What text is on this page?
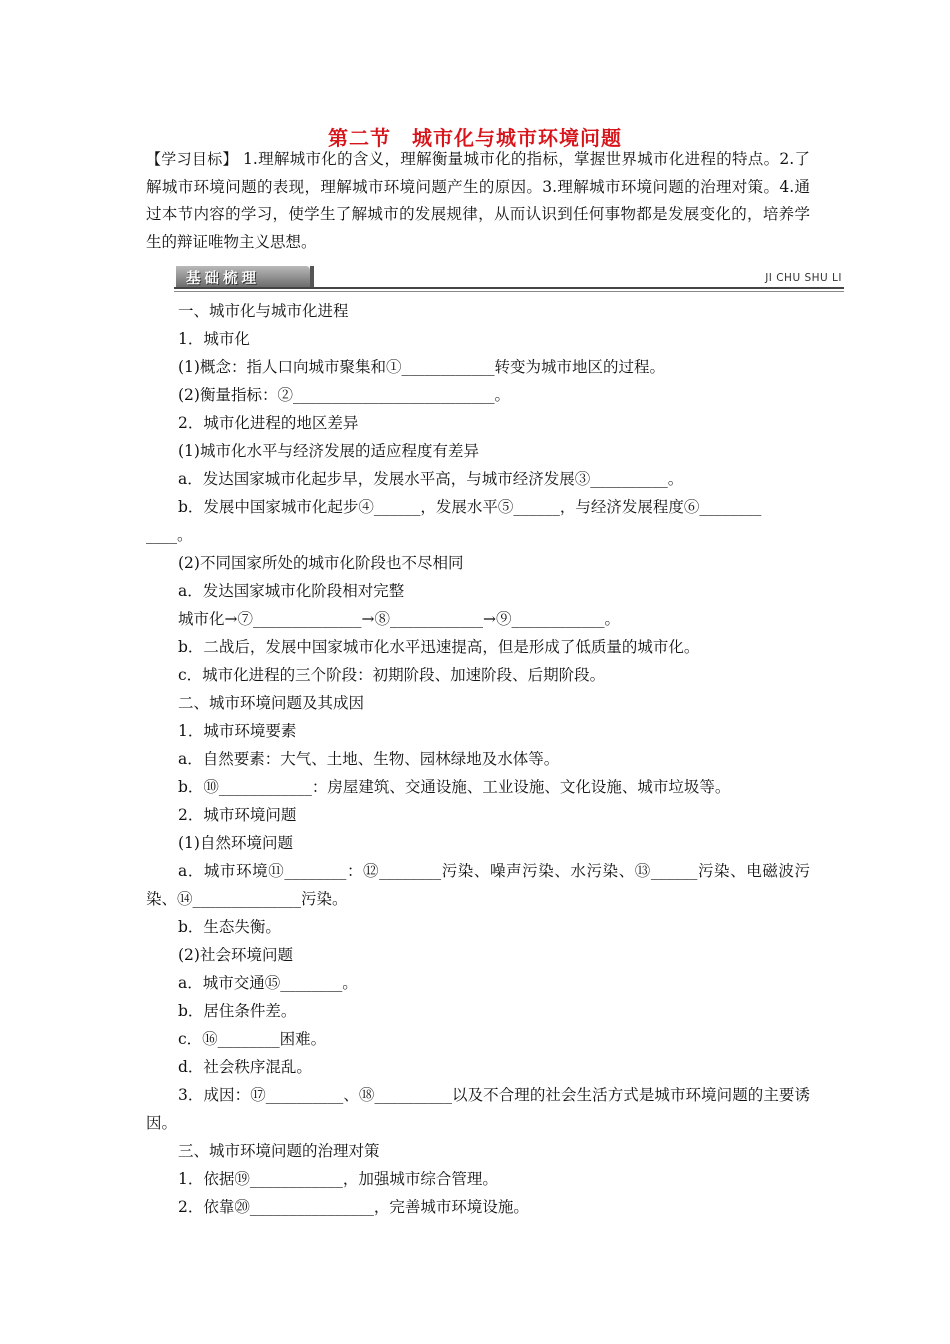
第二节　城市化与城市环境问题
【学习目标】 1.理解城市化的含义，理解衡量城市化的指标，掌握世界城市化进程的特点。2.了解城市环境问题的表现，理解城市环境问题产生的原因。3.理解城市环境问题的治理对策。4.通过本节内容的学习，使学生了解城市的发展规律，从而认识到任何事物都是发展变化的，培养学生的辩证唯物主义思想。
基础梳理	JI CHU SHU LI

一、城市化与城市化进程

1．城市化

(1)概念：指人口向城市聚集和①____________转变为城市地区的过程。

(2)衡量指标：②__________________________。

2．城市化进程的地区差异

(1)城市化水平与经济发展的适应程度有差异

a．发达国家城市化起步早，发展水平高，与城市经济发展③__________。

b．发展中国家城市化起步④______，发展水平⑤______，与经济发展程度⑥________

____。

(2)不同国家所处的城市化阶段也不尽相同

a．发达国家城市化阶段相对完整

城市化→⑦______________→⑧____________→⑨____________。

b．二战后，发展中国家城市化水平迅速提高，但是形成了低质量的城市化。

c．城市化进程的三个阶段：初期阶段、加速阶段、后期阶段。

二、城市环境问题及其成因

1．城市环境要素

a．自然要素：大气、土地、生物、园林绿地及水体等。

b．⑩____________：房屋建筑、交通设施、工业设施、文化设施、城市垃圾等。

2．城市环境问题

(1)自然环境问题

a．城市环境⑪________：⑫________污染、噪声污染、水污染、⑬______污染、电磁波污染、⑭______________污染。

b．生态失衡。

(2)社会环境问题

a．城市交通⑮________。

b．居住条件差。

c．⑯________困难。

d．社会秩序混乱。

3．成因：⑰__________、⑱__________以及不合理的社会生活方式是城市环境问题的主要诱因。

三、城市环境问题的治理对策

1．依据⑲____________，加强城市综合管理。

2．依靠⑳________________，完善城市环境设施。
